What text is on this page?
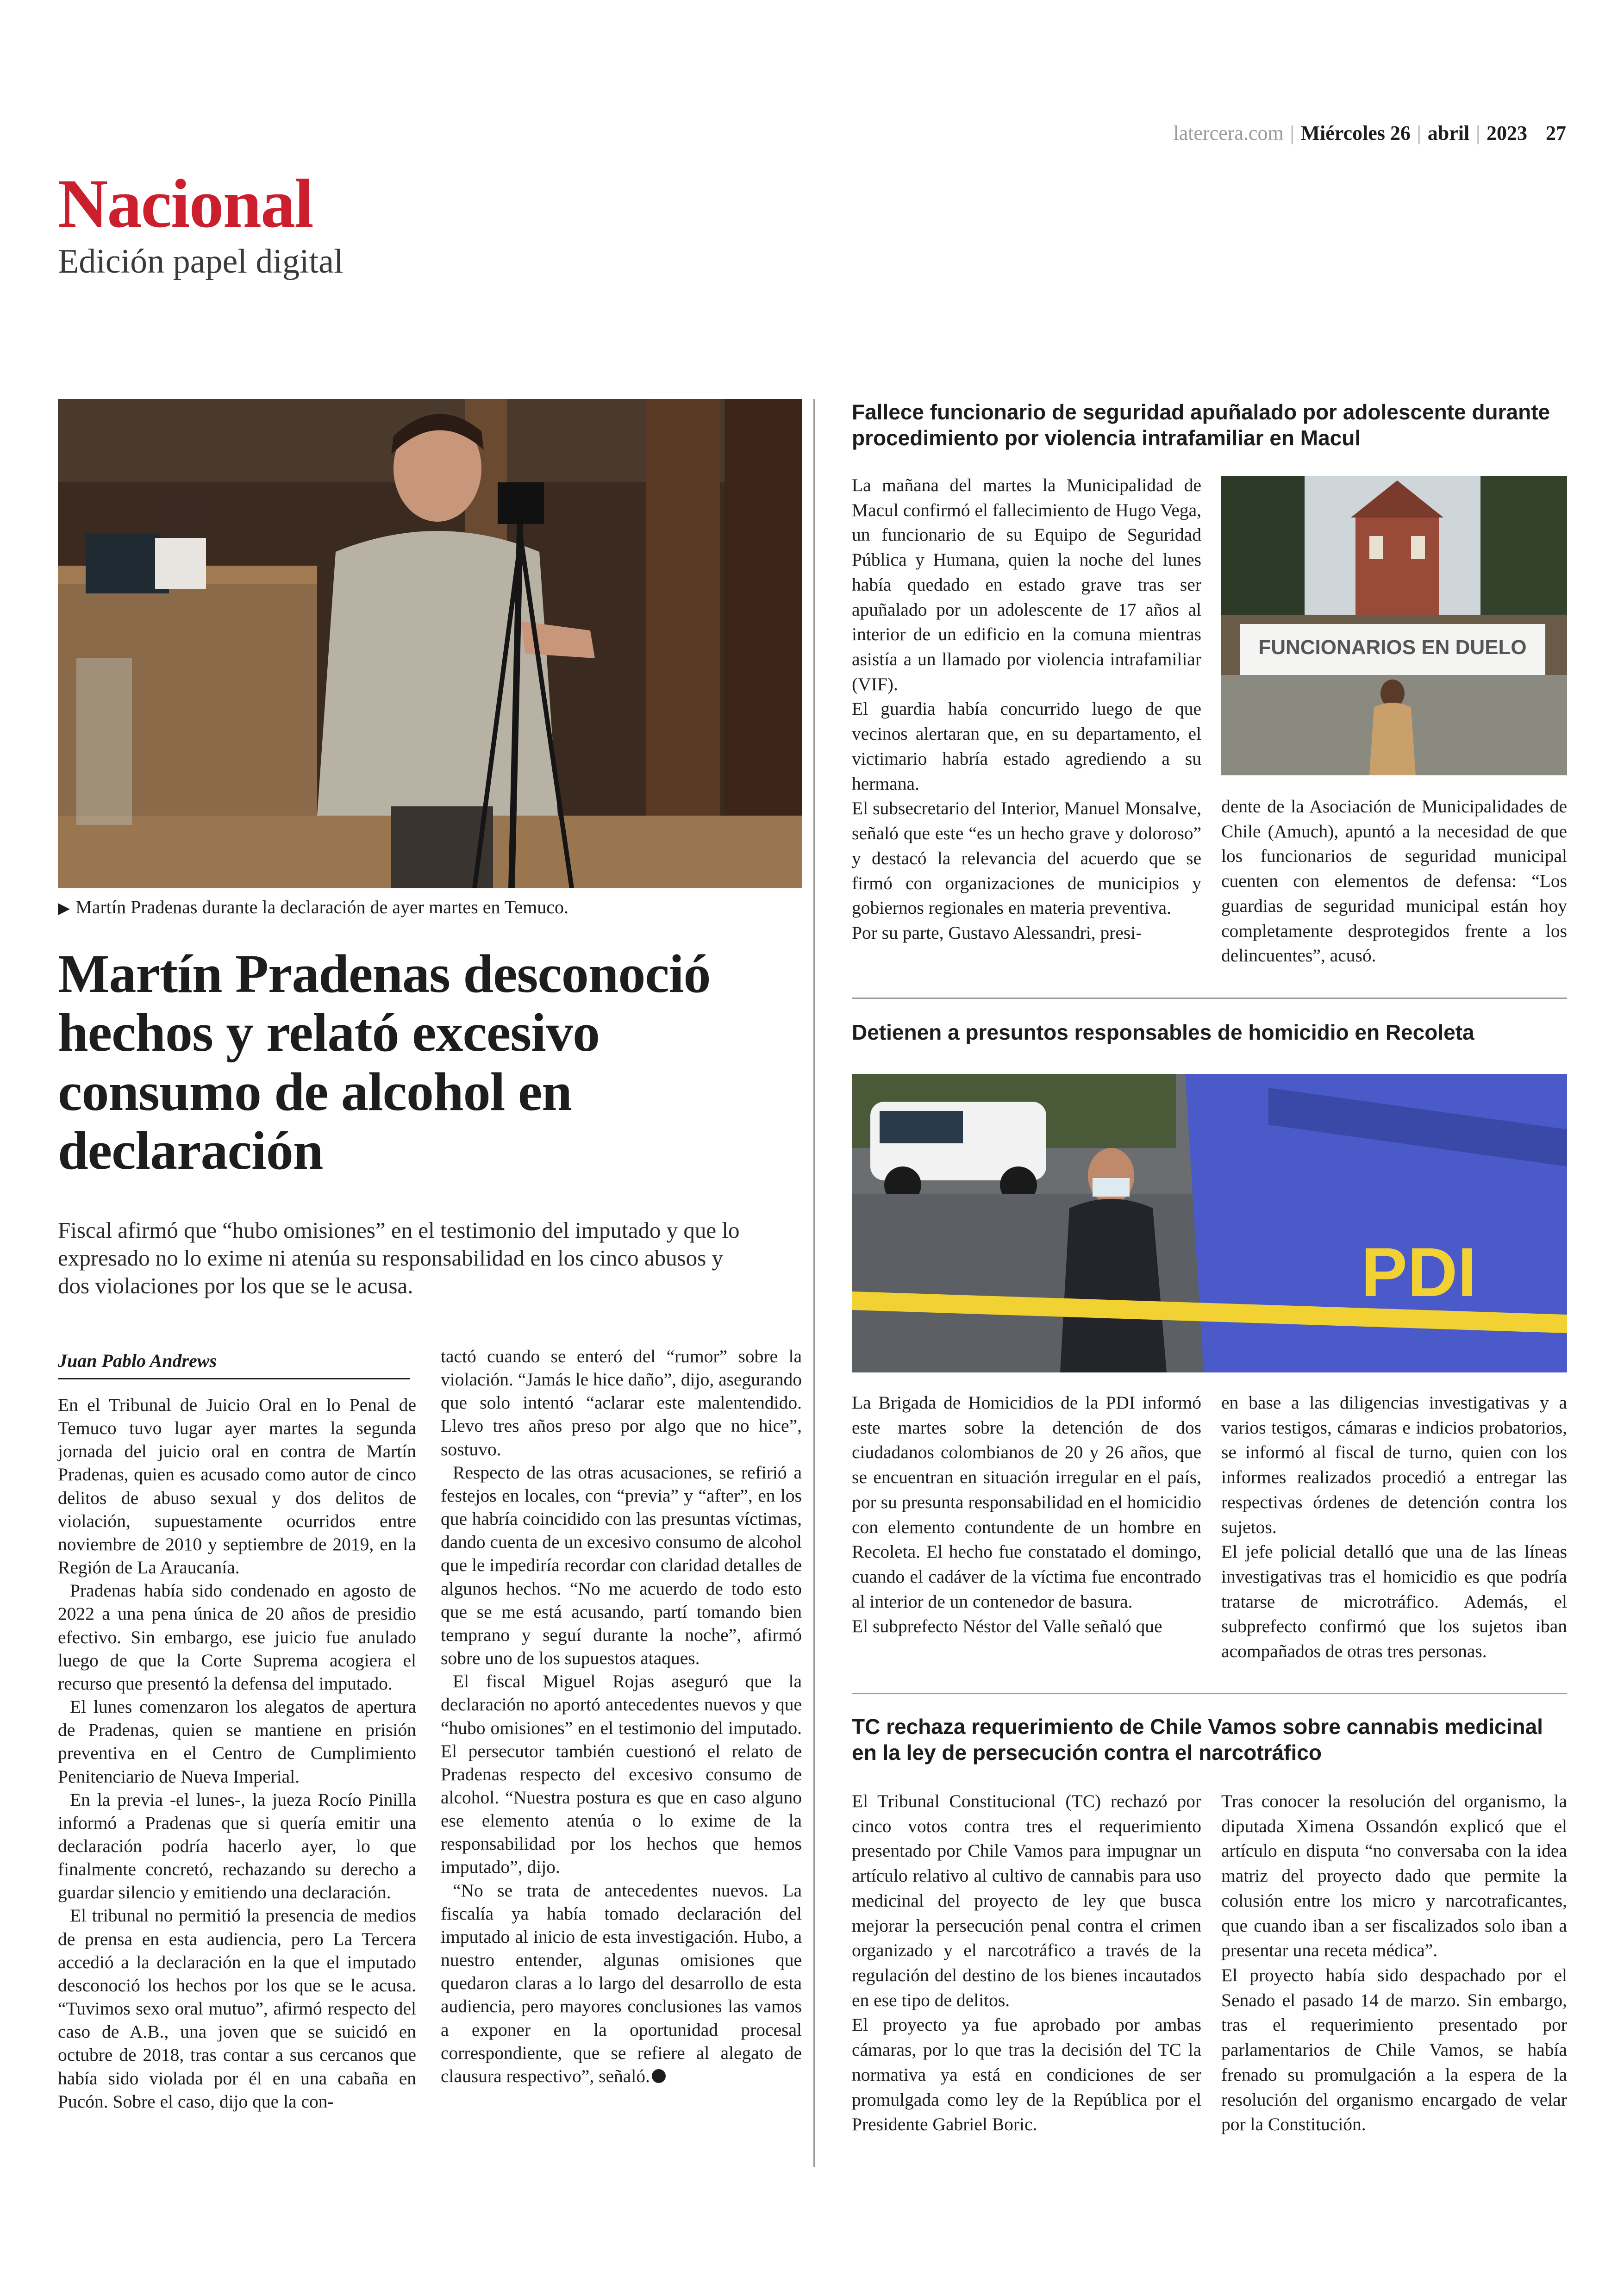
latercera.com | Miércoles 26 | abril | 2023 27
Nacional
Edición papel digital
▶ Martín Pradenas durante la declaración de ayer martes en Temuco.
Martín Pradenas desconoció hechos y relató excesivo consumo de alcohol en declaración
Fiscal afirmó que “hubo omisiones” en el testimonio del imputado y que lo expresado no lo exime ni atenúa su responsabilidad en los cinco abusos y dos violaciones por los que se le acusa.
Juan Pablo Andrews

En el Tribunal de Juicio Oral en lo Penal de Temuco tuvo lugar ayer martes la segunda jornada del juicio oral en contra de Martín Pradenas, quien es acusado como autor de cinco delitos de abuso sexual y dos delitos de violación, supuestamente ocurridos entre noviembre de 2010 y septiembre de 2019, en la Región de La Araucanía.

Pradenas había sido condenado en agosto de 2022 a una pena única de 20 años de presidio efectivo. Sin embargo, ese juicio fue anulado luego de que la Corte Suprema acogiera el recurso que presentó la defensa del imputado.

El lunes comenzaron los alegatos de apertura de Pradenas, quien se mantiene en prisión preventiva en el Centro de Cumplimiento Penitenciario de Nueva Imperial.

En la previa -el lunes-, la jueza Rocío Pinilla informó a Pradenas que si quería emitir una declaración podría hacerlo ayer, lo que finalmente concretó, rechazando su derecho a guardar silencio y emitiendo una declaración.

El tribunal no permitió la presencia de medios de prensa en esta audiencia, pero La Tercera accedió a la declaración en la que el imputado desconoció los hechos por los que se le acusa. “Tuvimos sexo oral mutuo”, afirmó respecto del caso de A.B., una joven que se suicidó en octubre de 2018, tras contar a sus cercanos que había sido violada por él en una cabaña en Pucón. Sobre el caso, dijo que la con-

tactó cuando se enteró del “rumor” sobre la violación. “Jamás le hice daño”, dijo, asegurando que solo intentó “aclarar este malentendido. Llevo tres años preso por algo que no hice”, sostuvo.

Respecto de las otras acusaciones, se refirió a festejos en locales, con “previa” y “after”, en los que habría coincidido con las presuntas víctimas, dando cuenta de un excesivo consumo de alcohol que le impediría recordar con claridad detalles de algunos hechos. “No me acuerdo de todo esto que se me está acusando, partí tomando bien temprano y seguí durante la noche”, afirmó sobre uno de los supuestos ataques.

El fiscal Miguel Rojas aseguró que la declaración no aportó antecedentes nuevos y que “hubo omisiones” en el testimonio del imputado. El persecutor también cuestionó el relato de Pradenas respecto del excesivo consumo de alcohol. “Nuestra postura es que en caso alguno ese elemento atenúa o lo exime de la responsabilidad por los hechos que hemos imputado”, dijo.

“No se trata de antecedentes nuevos. La fiscalía ya había tomado declaración del imputado al inicio de esta investigación. Hubo, a nuestro entender, algunas omisiones que quedaron claras a lo largo del desarrollo de esta audiencia, pero mayores conclusiones las vamos a exponer en la oportunidad procesal correspondiente, que se refiere al alegato de clausura respectivo”, señaló.

Fallece funcionario de seguridad apuñalado por adolescente durante procedimiento por violencia intrafamiliar en Macul

La mañana del martes la Municipalidad de Macul confirmó el fallecimiento de Hugo Vega, un funcionario de su Equipo de Seguridad Pública y Humana, quien la noche del lunes había quedado en estado grave tras ser apuñalado por un adolescente de 17 años al interior de un edificio en la comuna mientras asistía a un llamado por violencia intrafamiliar (VIF).

El guardia había concurrido luego de que vecinos alertaran que, en su departamento, el victimario habría estado agrediendo a su hermana.

El subsecretario del Interior, Manuel Monsalve, señaló que este “es un hecho grave y doloroso” y destacó la relevancia del acuerdo que se firmó con organizaciones de municipios y gobiernos regionales en materia preventiva.

Por su parte, Gustavo Alessandri, presi-

FUNCIONARIOS EN DUELO

dente de la Asociación de Municipalidades de Chile (Amuch), apuntó a la necesidad de que los funcionarios de seguridad municipal cuenten con elementos de defensa: “Los guardias de seguridad municipal están hoy completamente desprotegidos frente a los delincuentes”, acusó.

Detienen a presuntos responsables de homicidio en Recoleta
PDI

La Brigada de Homicidios de la PDI informó este martes sobre la detención de dos ciudadanos colombianos de 20 y 26 años, que se encuentran en situación irregular en el país, por su presunta responsabilidad en el homicidio con elemento contundente de un hombre en Recoleta. El hecho fue constatado el domingo, cuando el cadáver de la víctima fue encontrado al interior de un contenedor de basura.

El subprefecto Néstor del Valle señaló que

en base a las diligencias investigativas y a varios testigos, cámaras e indicios probatorios, se informó al fiscal de turno, quien con los informes realizados procedió a entregar las respectivas órdenes de detención contra los sujetos.

El jefe policial detalló que una de las líneas investigativas tras el homicidio es que podría tratarse de microtráfico. Además, el subprefecto confirmó que los sujetos iban acompañados de otras tres personas.

TC rechaza requerimiento de Chile Vamos sobre cannabis medicinal en la ley de persecución contra el narcotráfico

El Tribunal Constitucional (TC) rechazó por cinco votos contra tres el requerimiento presentado por Chile Vamos para impugnar un artículo relativo al cultivo de cannabis para uso medicinal del proyecto de ley que busca mejorar la persecución penal contra el crimen organizado y el narcotráfico a través de la regulación del destino de los bienes incautados en ese tipo de delitos.

El proyecto ya fue aprobado por ambas cámaras, por lo que tras la decisión del TC la normativa ya está en condiciones de ser promulgada como ley de la República por el Presidente Gabriel Boric.

Tras conocer la resolución del organismo, la diputada Ximena Ossandón explicó que el artículo en disputa “no conversaba con la idea matriz del proyecto dado que permite la colusión entre los micro y narcotraficantes, que cuando iban a ser fiscalizados solo iban a presentar una receta médica”.

El proyecto había sido despachado por el Senado el pasado 14 de marzo. Sin embargo, tras el requerimiento presentado por parlamentarios de Chile Vamos, se había frenado su promulgación a la espera de la resolución del organismo encargado de velar por la Constitución.
